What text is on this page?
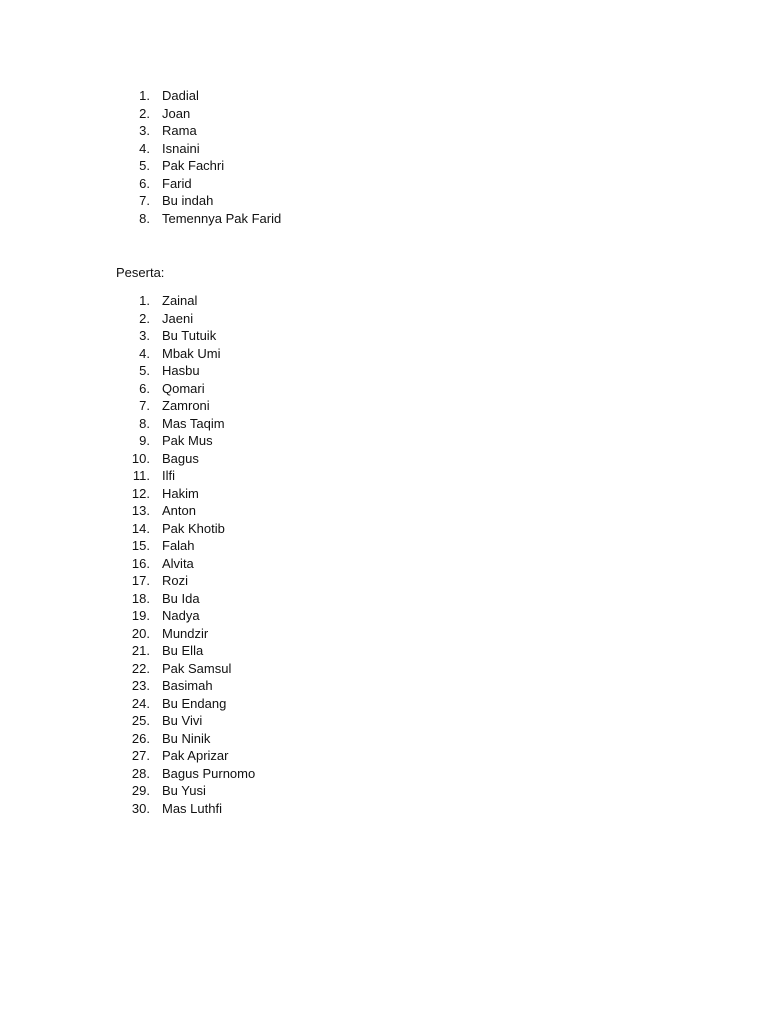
1. Dadial
2. Joan
3. Rama
4. Isnaini
5. Pak Fachri
6. Farid
7. Bu indah
8. Temennya Pak Farid
Peserta:
1. Zainal
2. Jaeni
3. Bu Tutuik
4. Mbak Umi
5. Hasbu
6. Qomari
7. Zamroni
8. Mas Taqim
9. Pak Mus
10. Bagus
11. Ilfi
12. Hakim
13. Anton
14. Pak Khotib
15. Falah
16. Alvita
17. Rozi
18. Bu Ida
19. Nadya
20. Mundzir
21. Bu Ella
22. Pak Samsul
23. Basimah
24. Bu Endang
25. Bu Vivi
26. Bu Ninik
27. Pak Aprizar
28. Bagus Purnomo
29. Bu Yusi
30. Mas Luthfi
